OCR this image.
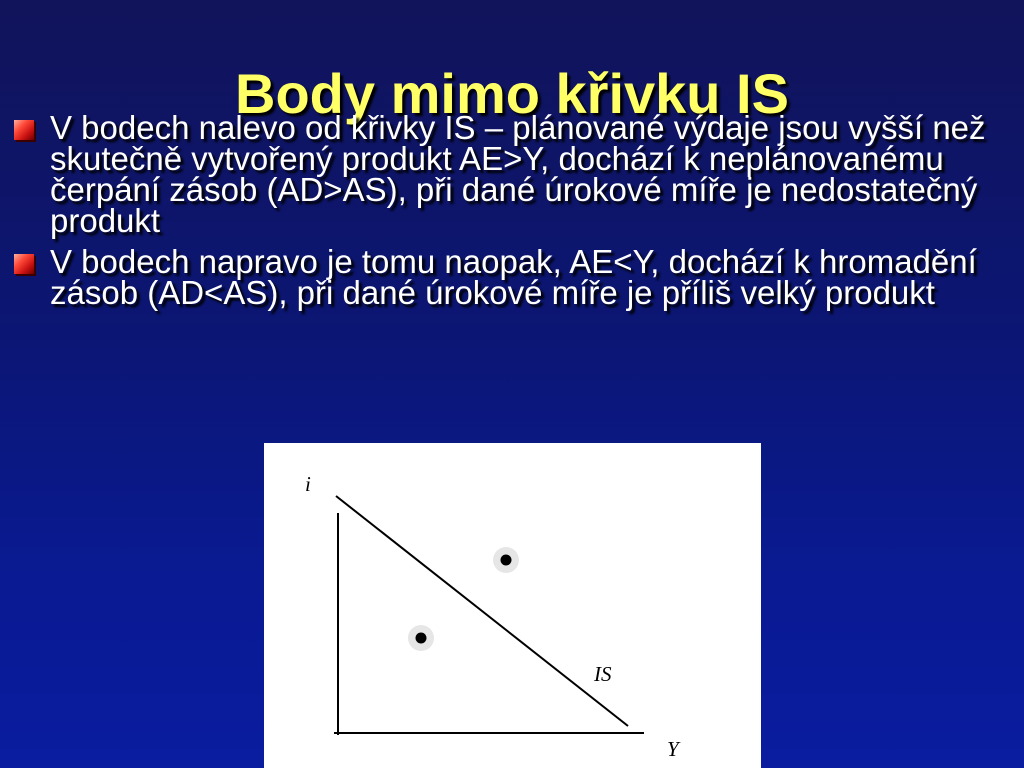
Body mimo křivku IS
V bodech nalevo od křivky IS – plánované výdaje jsou vyšší než skutečně vytvořený produkt AE>Y, dochází k neplánovanému čerpání zásob (AD>AS), při dané úrokové míře je nedostatečný produkt
V bodech napravo je tomu naopak, AE<Y, dochází k hromadění zásob (AD<AS), při dané úrokové míře je příliš velký produkt
i
Y
IS
